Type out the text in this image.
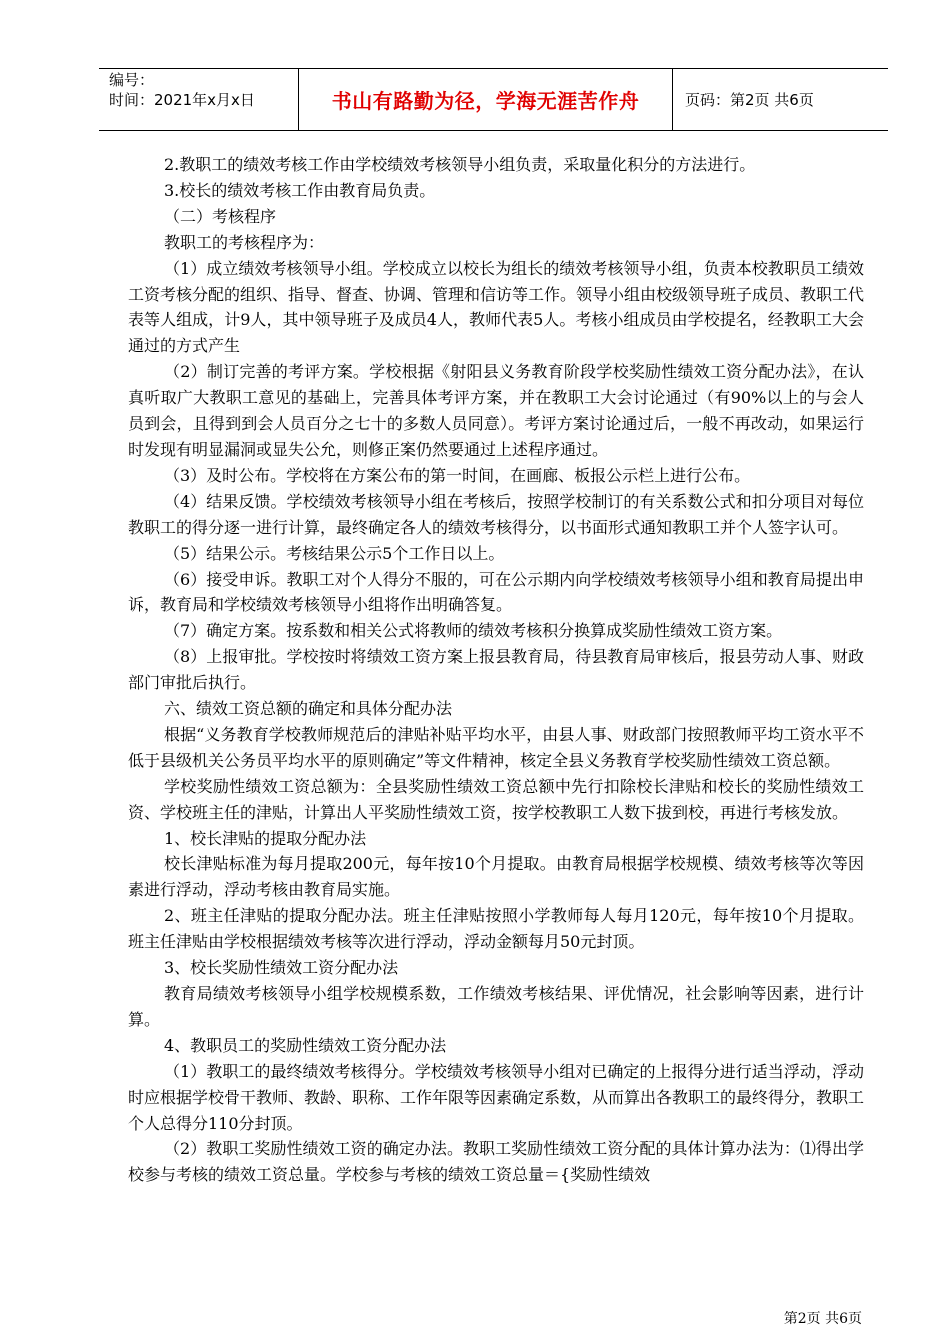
编号：
时间：2021年x月x日	书山有路勤为径，学海无涯苦作舟	页码：第2页 共6页

2.教职工的绩效考核工作由学校绩效考核领导小组负责，采取量化积分的方法进行。

3.校长的绩效考核工作由教育局负责。

（二）考核程序

教职工的考核程序为：

（1）成立绩效考核领导小组。学校成立以校长为组长的绩效考核领导小组，负责本校教职员工绩效工资考核分配的组织、指导、督查、协调、管理和信访等工作。领导小组由校级领导班子成员、教职工代表等人组成，计9人，其中领导班子及成员4人，教师代表5人。考核小组成员由学校提名，经教职工大会通过的方式产生

（2）制订完善的考评方案。学校根据《射阳县义务教育阶段学校奖励性绩效工资分配办法》，在认真听取广大教职工意见的基础上，完善具体考评方案，并在教职工大会讨论通过（有90%以上的与会人员到会，且得到到会人员百分之七十的多数人员同意）。考评方案讨论通过后，一般不再改动，如果运行时发现有明显漏洞或显失公允，则修正案仍然要通过上述程序通过。

（3）及时公布。学校将在方案公布的第一时间，在画廊、板报公示栏上进行公布。

（4）结果反馈。学校绩效考核领导小组在考核后，按照学校制订的有关系数公式和扣分项目对每位教职工的得分逐一进行计算，最终确定各人的绩效考核得分，以书面形式通知教职工并个人签字认可。

（5）结果公示。考核结果公示5个工作日以上。

（6）接受申诉。教职工对个人得分不服的，可在公示期内向学校绩效考核领导小组和教育局提出申诉，教育局和学校绩效考核领导小组将作出明确答复。

（7）确定方案。按系数和相关公式将教师的绩效考核积分换算成奖励性绩效工资方案。

（8）上报审批。学校按时将绩效工资方案上报县教育局，待县教育局审核后，报县劳动人事、财政部门审批后执行。

六、绩效工资总额的确定和具体分配办法

根据“义务教育学校教师规范后的津贴补贴平均水平，由县人事、财政部门按照教师平均工资水平不低于县级机关公务员平均水平的原则确定”等文件精神，核定全县义务教育学校奖励性绩效工资总额。

学校奖励性绩效工资总额为：全县奖励性绩效工资总额中先行扣除校长津贴和校长的奖励性绩效工资、学校班主任的津贴，计算出人平奖励性绩效工资，按学校教职工人数下拔到校，再进行考核发放。

1、校长津贴的提取分配办法

校长津贴标准为每月提取200元，每年按10个月提取。由教育局根据学校规模、绩效考核等次等因素进行浮动，浮动考核由教育局实施。

2、班主任津贴的提取分配办法。班主任津贴按照小学教师每人每月120元，每年按10个月提取。班主任津贴由学校根据绩效考核等次进行浮动，浮动金额每月50元封顶。

3、校长奖励性绩效工资分配办法

教育局绩效考核领导小组学校规模系数，工作绩效考核结果、评优情况，社会影响等因素，进行计算。

4、教职员工的奖励性绩效工资分配办法

（1）教职工的最终绩效考核得分。学校绩效考核领导小组对已确定的上报得分进行适当浮动，浮动时应根据学校骨干教师、教龄、职称、工作年限等因素确定系数，从而算出各教职工的最终得分，教职工个人总得分110分封顶。

（2）教职工奖励性绩效工资的确定办法。教职工奖励性绩效工资分配的具体计算办法为：⑴得出学校参与考核的绩效工资总量。学校参与考核的绩效工资总量＝{奖励性绩效

第2页 共6页
